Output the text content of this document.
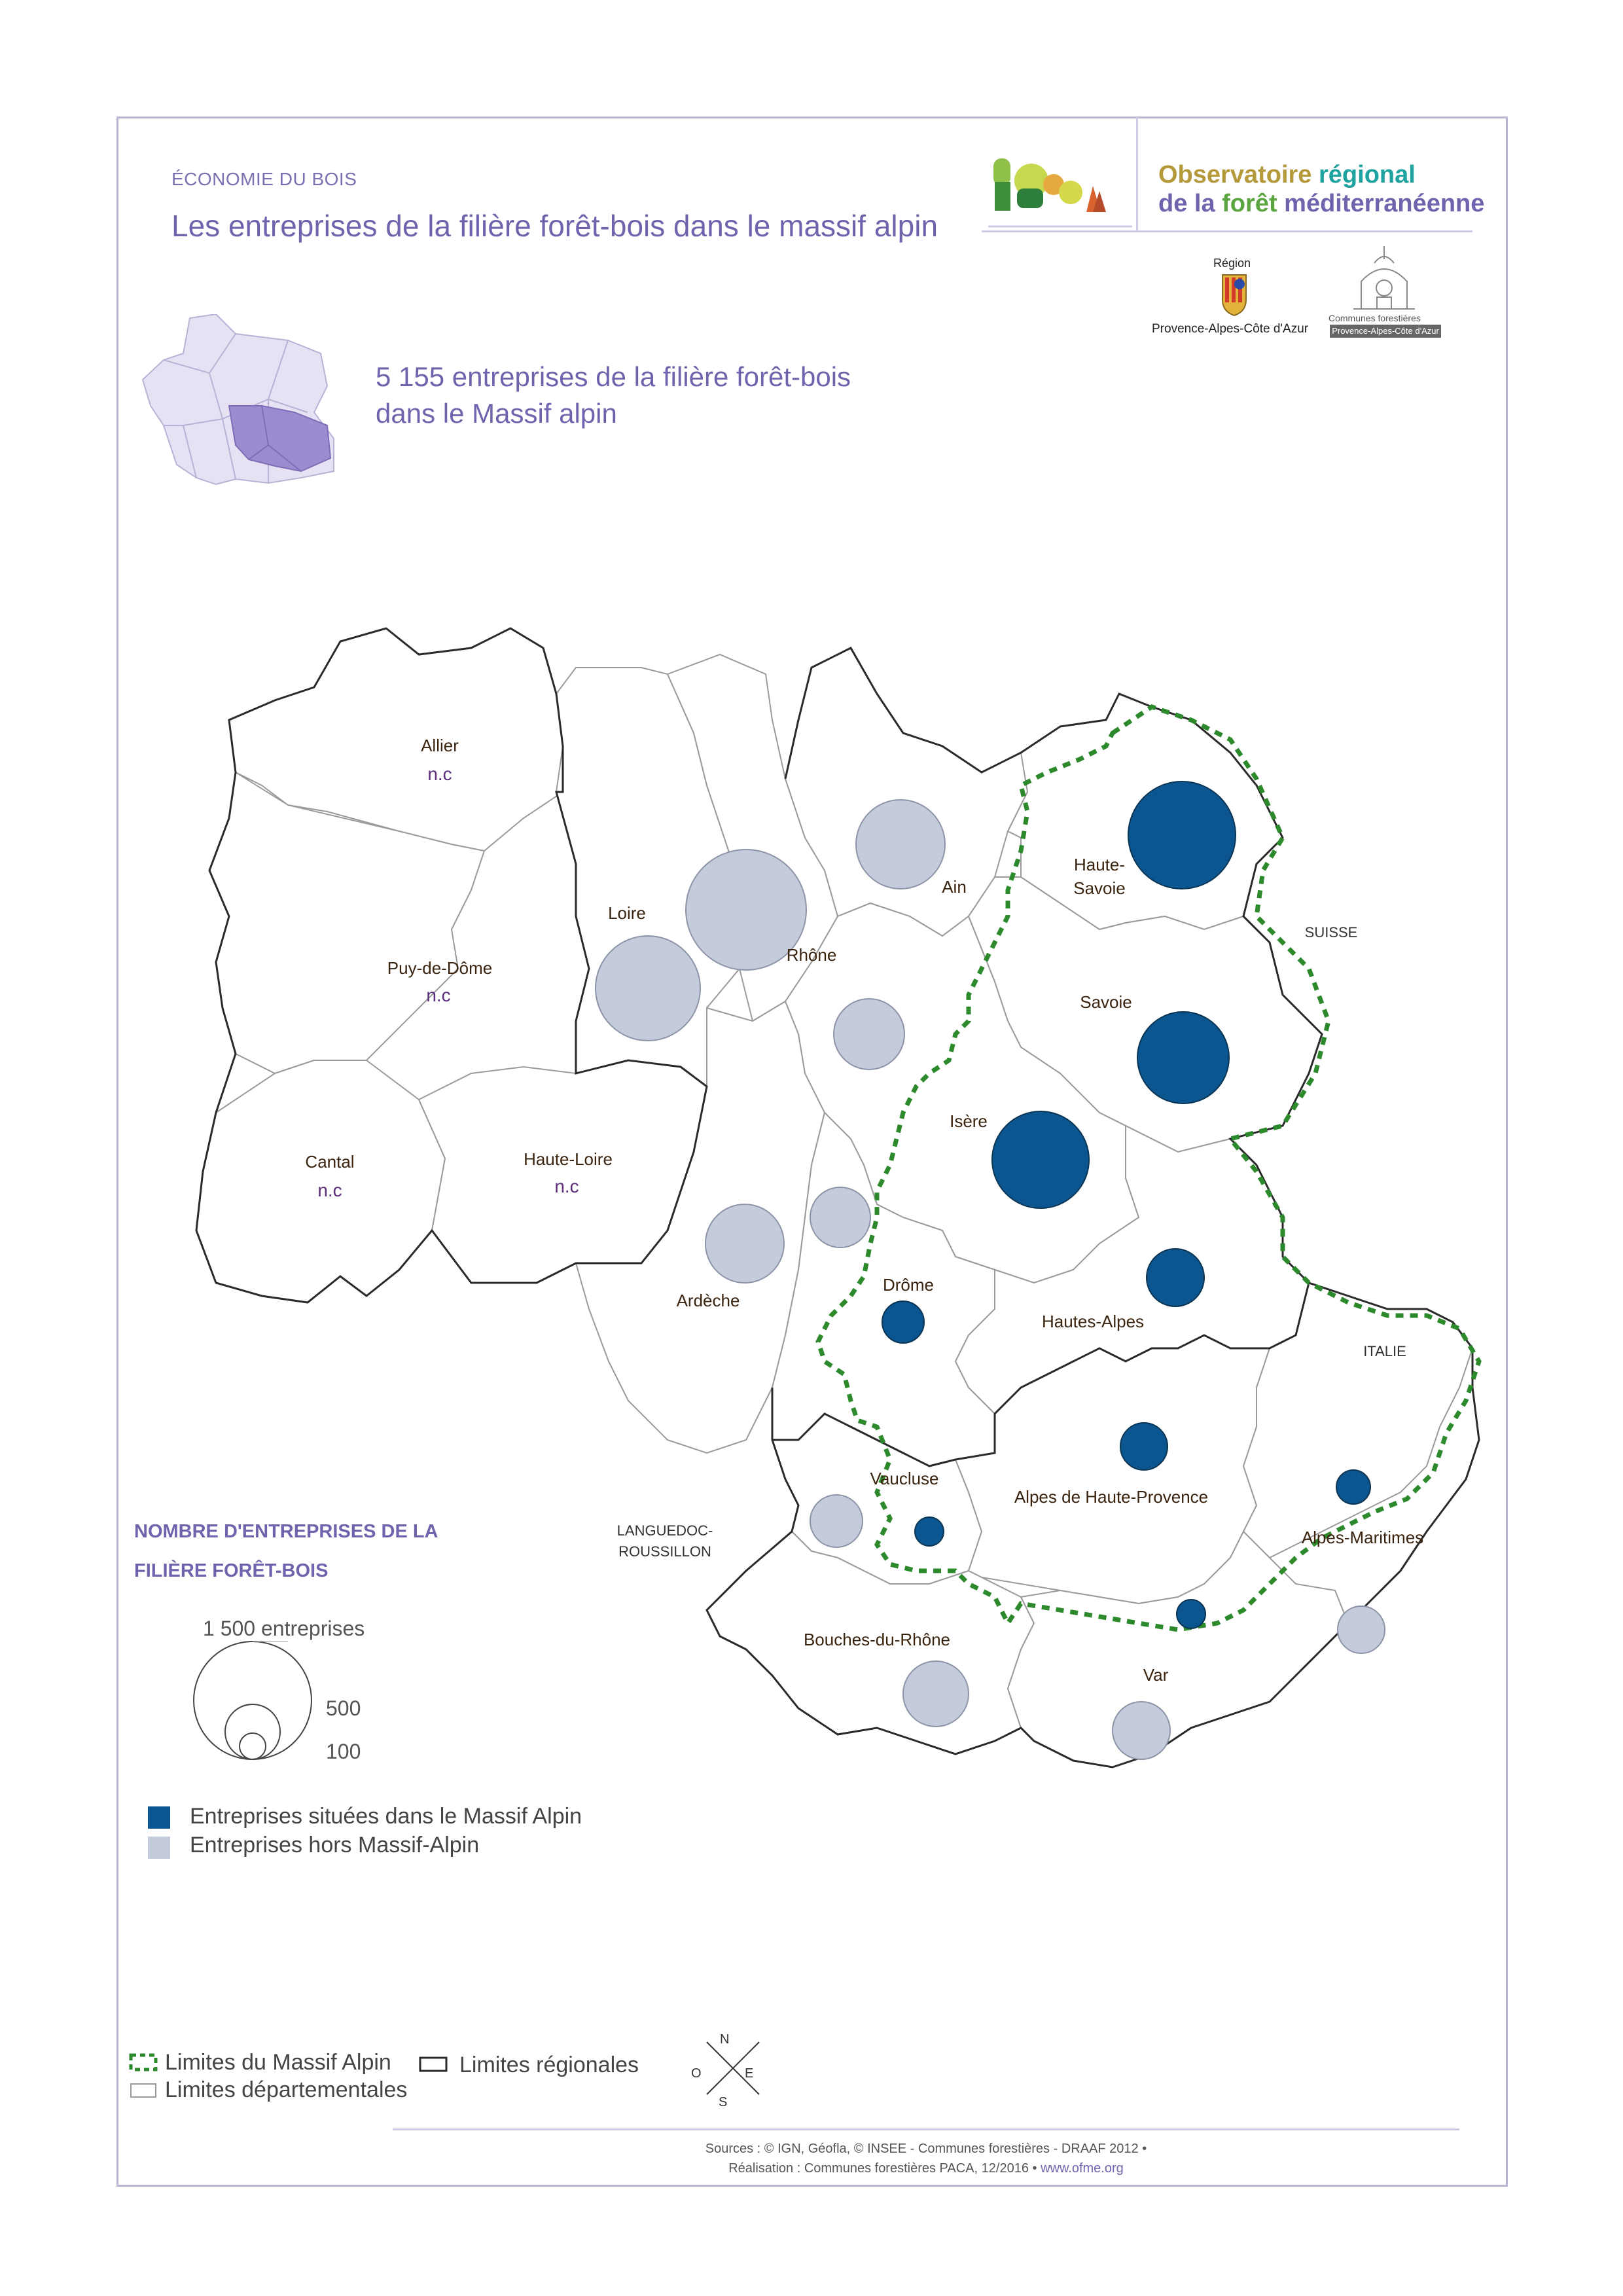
ÉCONOMIE DU BOIS
Les entreprises de la filière forêt-bois dans le massif alpin
Observatoire régional
de la forêt méditerranéenne
Région
Provence-Alpes-Côte d'Azur
Communes forestières
Provence-Alpes-Côte d'Azur
5 155 entreprises de la filière forêt-bois
dans le Massif alpin
Allier
n.c
Puy-de-Dôme
n.c
Cantal
n.c
Haute-Loire
n.c
Loire
Rhône
Ain
Haute-
Savoie
Savoie
Isère
Ardèche
Drôme
Hautes-Alpes
Vaucluse
Alpes de Haute-Provence
Alpes-Maritimes
Bouches-du-Rhône
Var
SUISSE
ITALIE
LANGUEDOC-
ROUSSILLON
N
S
E
O
NOMBRE D'ENTREPRISES DE LA
FILIÈRE FORÊT-BOIS
1 500 entreprises
500
100
Entreprises situées dans le Massif Alpin
Entreprises hors Massif-Alpin
Limites du Massif Alpin
Limites départementales
Limites régionales
Sources : © IGN, Géofla, © INSEE - Communes forestières - DRAAF 2012 •
Réalisation : Communes forestières PACA, 12/2016 • www.ofme.org
